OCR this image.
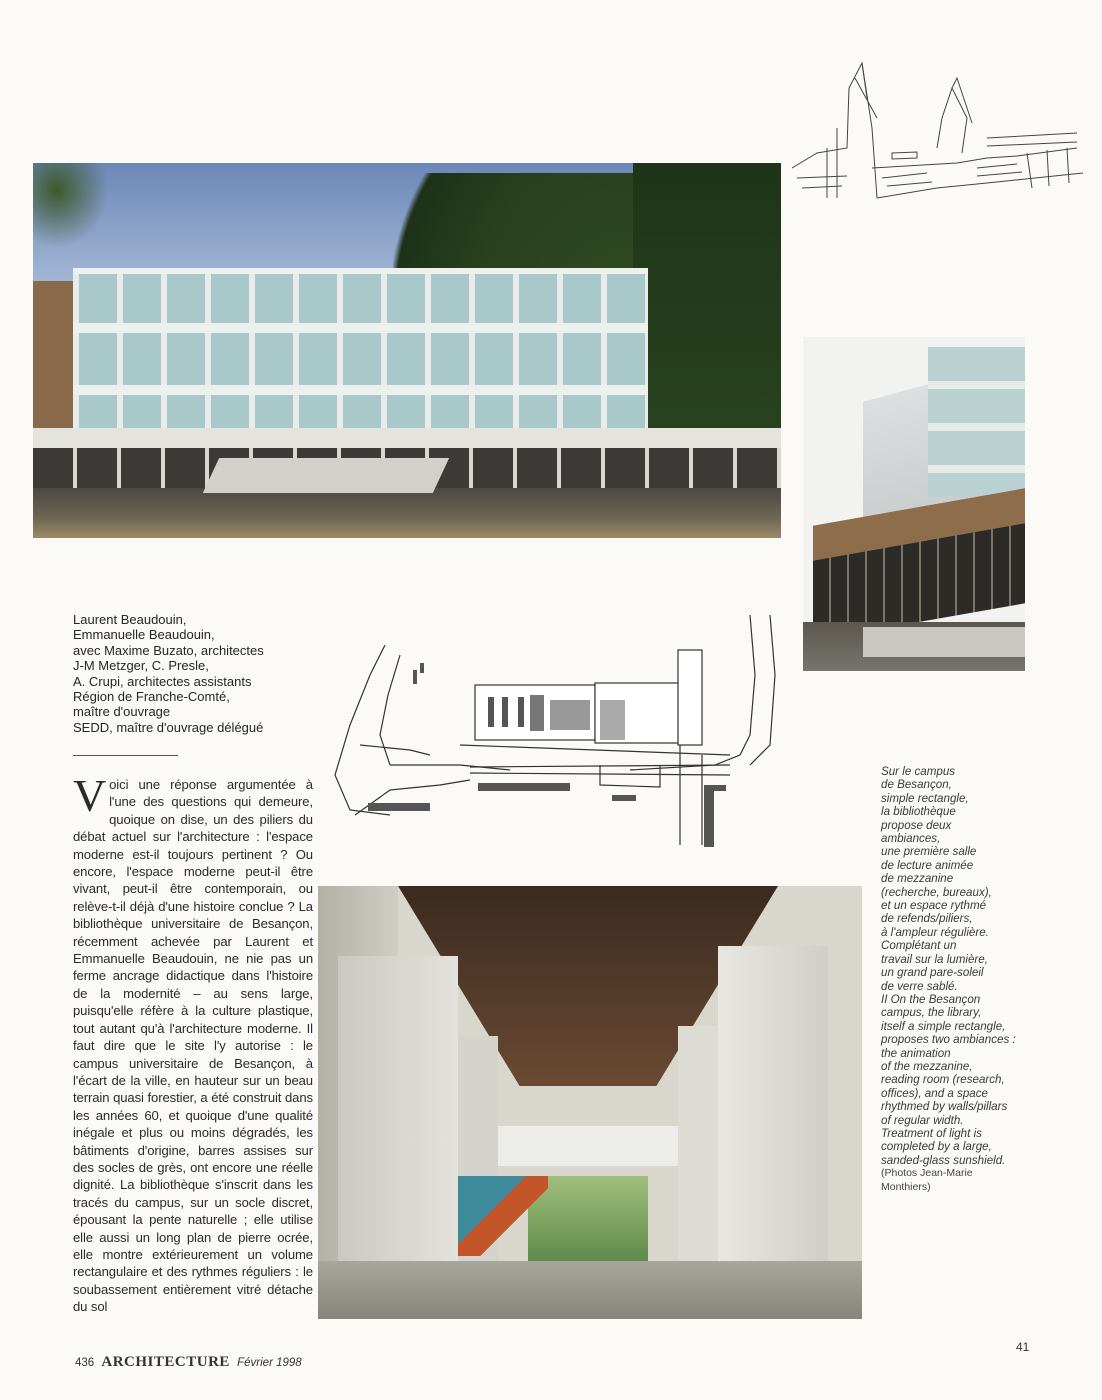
Laurent Beaudouin,
Emmanuelle Beaudouin,
avec Maxime Buzato, architectes
J-M Metzger, C. Presle,
A. Crupi, architectes assistants
Région de Franche-Comté,
maître d'ouvrage
SEDD, maître d'ouvrage délégué
V oici une réponse argumentée à l'une des questions qui demeure, quoique on dise, un des piliers du débat actuel sur l'architecture : l'espace moderne est-il toujours pertinent ? Ou encore, l'espace moderne peut-il être vivant, peut-il être contemporain, ou relève-t-il déjà d'une histoire conclue ? La bibliothèque universitaire de Besançon, récemment achevée par Laurent et Emmanuelle Beaudouin, ne nie pas un ferme ancrage didactique dans l'histoire de la modernité – au sens large, puisqu'elle réfère à la culture plastique, tout autant qu'à l'architecture moderne. Il faut dire que le site l'y autorise : le campus universitaire de Besançon, à l'écart de la ville, en hauteur sur un beau terrain quasi forestier, a été construit dans les années 60, et quoique d'une qualité inégale et plus ou moins dégradés, les bâtiments d'origine, barres assises sur des socles de grès, ont encore une réelle dignité. La bibliothèque s'inscrit dans les tracés du campus, sur un socle discret, épousant la pente naturelle ; elle utilise elle aussi un long plan de pierre ocrée, elle montre extérieurement un volume rectangulaire et des rythmes réguliers : le soubassement entièrement vitré détache du sol
Sur le campus
de Besançon,
simple rectangle,
la bibliothèque
propose deux
ambiances,
une première salle
de lecture animée
de mezzanine
(recherche, bureaux),
et un espace rythmé
de refends/piliers,
à l'ampleur régulière.
Complétant un
travail sur la lumière,
un grand pare-soleil
de verre sablé.
II On the Besançon
campus, the library,
itself a simple rectangle,
proposes two ambiances :
the animation
of the mezzanine,
reading room (research,
offices), and a space
rhythmed by walls/pillars
of regular width.
Treatment of light is
completed by a large,
sanded-glass sunshield.
(Photos Jean-Marie
Monthiers)
436 ARCHITECTURE Février 1998
41
